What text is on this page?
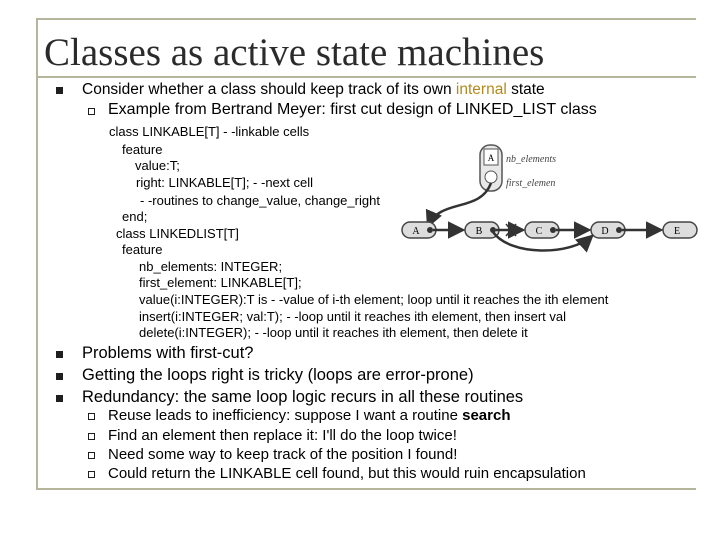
Classes as active state machines
Consider whether a class should keep track of its own internal state
Example from Bertrand Meyer: first cut design of LINKED_LIST class
class LINKABLE[T] ‑ ‑linkable cells
feature
value:T;
right: LINKABLE[T]; ‑ ‑next cell
‑ ‑routines to change_value, change_right
end;
class LINKEDLIST[T]
feature
nb_elements: INTEGER;
first_element: LINKABLE[T];
value(i:INTEGER):T is ‑ ‑value of i‑th element; loop until it reaches the ith element
insert(i:INTEGER; val:T); ‑ ‑loop until it reaches ith element, then insert val
delete(i:INTEGER); ‑ ‑loop until it reaches ith element, then delete it
Problems with first‑cut?
Getting the loops right is tricky (loops are error‑prone)
Redundancy: the same loop logic recurs in all these routines
Reuse leads to inefficiency: suppose I want a routine search
Find an element then replace it: I'll do the loop twice!
Need some way to keep track of the position I found!
Could return the LINKABLE cell found, but this would ruin encapsulation
A nb_elements
first_elemen
A	B	C	D	E
